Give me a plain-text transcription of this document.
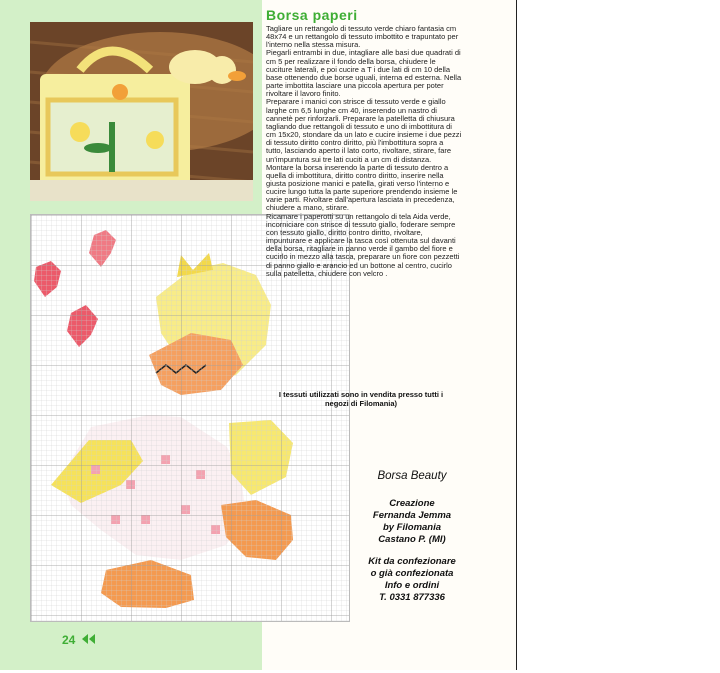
Borsa paperi

Tagliare un rettangolo di tessuto verde chiaro fantasia cm 48x74 e un rettangolo di tessuto imbottito e trapuntato per l'interno nella stessa misura.

Piegarli entrambi in due, intagliare alle basi due quadrati di cm 5 per realizzare il fondo della borsa, chiudere le cuciture laterali, e poi cucire a T i due lati di cm 10 della base ottenendo due borse uguali, interna ed esterna. Nella parte imbottita lasciare una piccola apertura per poter rivoltare il lavoro finito.

Preparare i manici con strisce di tessuto verde e giallo larghe cm 6,5 lunghe cm 40, inserendo un nastro di cannetè per rinforzarli. Preparare la patelletta di chiusura tagliando due rettangoli di tessuto e uno di imbottitura di cm 15x20, stondare da un lato e cucire insieme i due pezzi di tessuto diritto contro diritto, più l'imbottitura sopra a tutto, lasciando aperto il lato corto, rivoltare, stirare, fare un'impuntura sui tre lati cuciti a un cm di distanza.

Montare la borsa inserendo la parte di tessuto dentro a quella di imbottitura, diritto contro diritto, inserire nella giusta posizione manici e patella, girati verso l'interno e cucire lungo tutta la parte superiore prendendo insieme le varie parti. Rivoltare dall'apertura lasciata in precedenza, chiudere a mano, stirare.

Ricamare i paperotti su un rettangolo di tela Aida verde, incorniciare con strisce di tessuto giallo, foderare sempre con tessuto giallo, diritto contro diritto, rivoltare, impunturare e applicare la tasca così ottenuta sul davanti della borsa, ritagliare in panno verde il gambo del fiore e cucirlo in mezzo alla tasca, preparare un fiore con pezzetti di panno giallo e arancio ed un bottone al centro, cucirlo sulla patelletta, chiudere con velcro .

I tessuti utilizzati sono in vendita presso tutti i negozi di Filomania)

Borsa Beauty
Creazione
Fernanda Jemma
by Filomania
Castano P. (MI)
Kit da confezionare
o già confezionata
Info e ordini
T. 0331 877336

24
